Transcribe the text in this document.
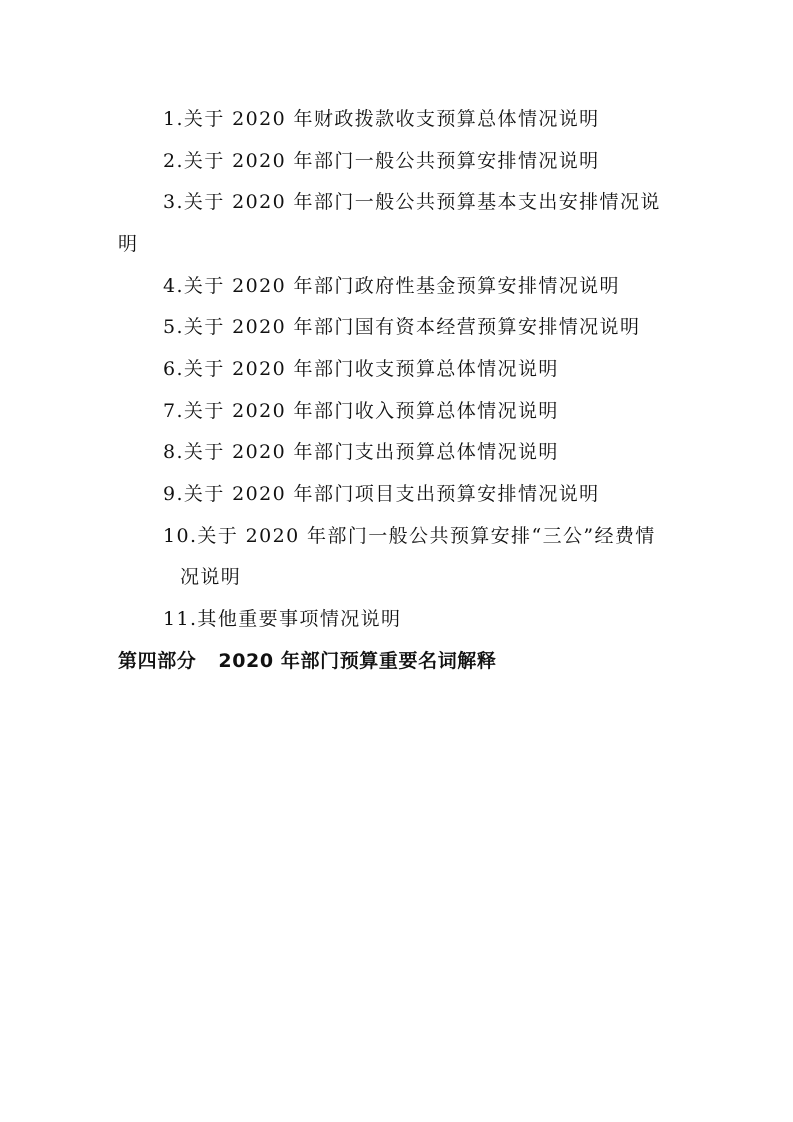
1.关于 2020 年财政拨款收支预算总体情况说明
2.关于 2020 年部门一般公共预算安排情况说明
3.关于 2020 年部门一般公共预算基本支出安排情况说
明
4.关于 2020 年部门政府性基金预算安排情况说明
5.关于 2020 年部门国有资本经营预算安排情况说明
6.关于 2020 年部门收支预算总体情况说明
7.关于 2020 年部门收入预算总体情况说明
8.关于 2020 年部门支出预算总体情况说明
9.关于 2020 年部门项目支出预算安排情况说明
10.关于 2020 年部门一般公共预算安排“三公”经费情
况说明
11.其他重要事项情况说明
第四部分 2020 年部门预算重要名词解释
